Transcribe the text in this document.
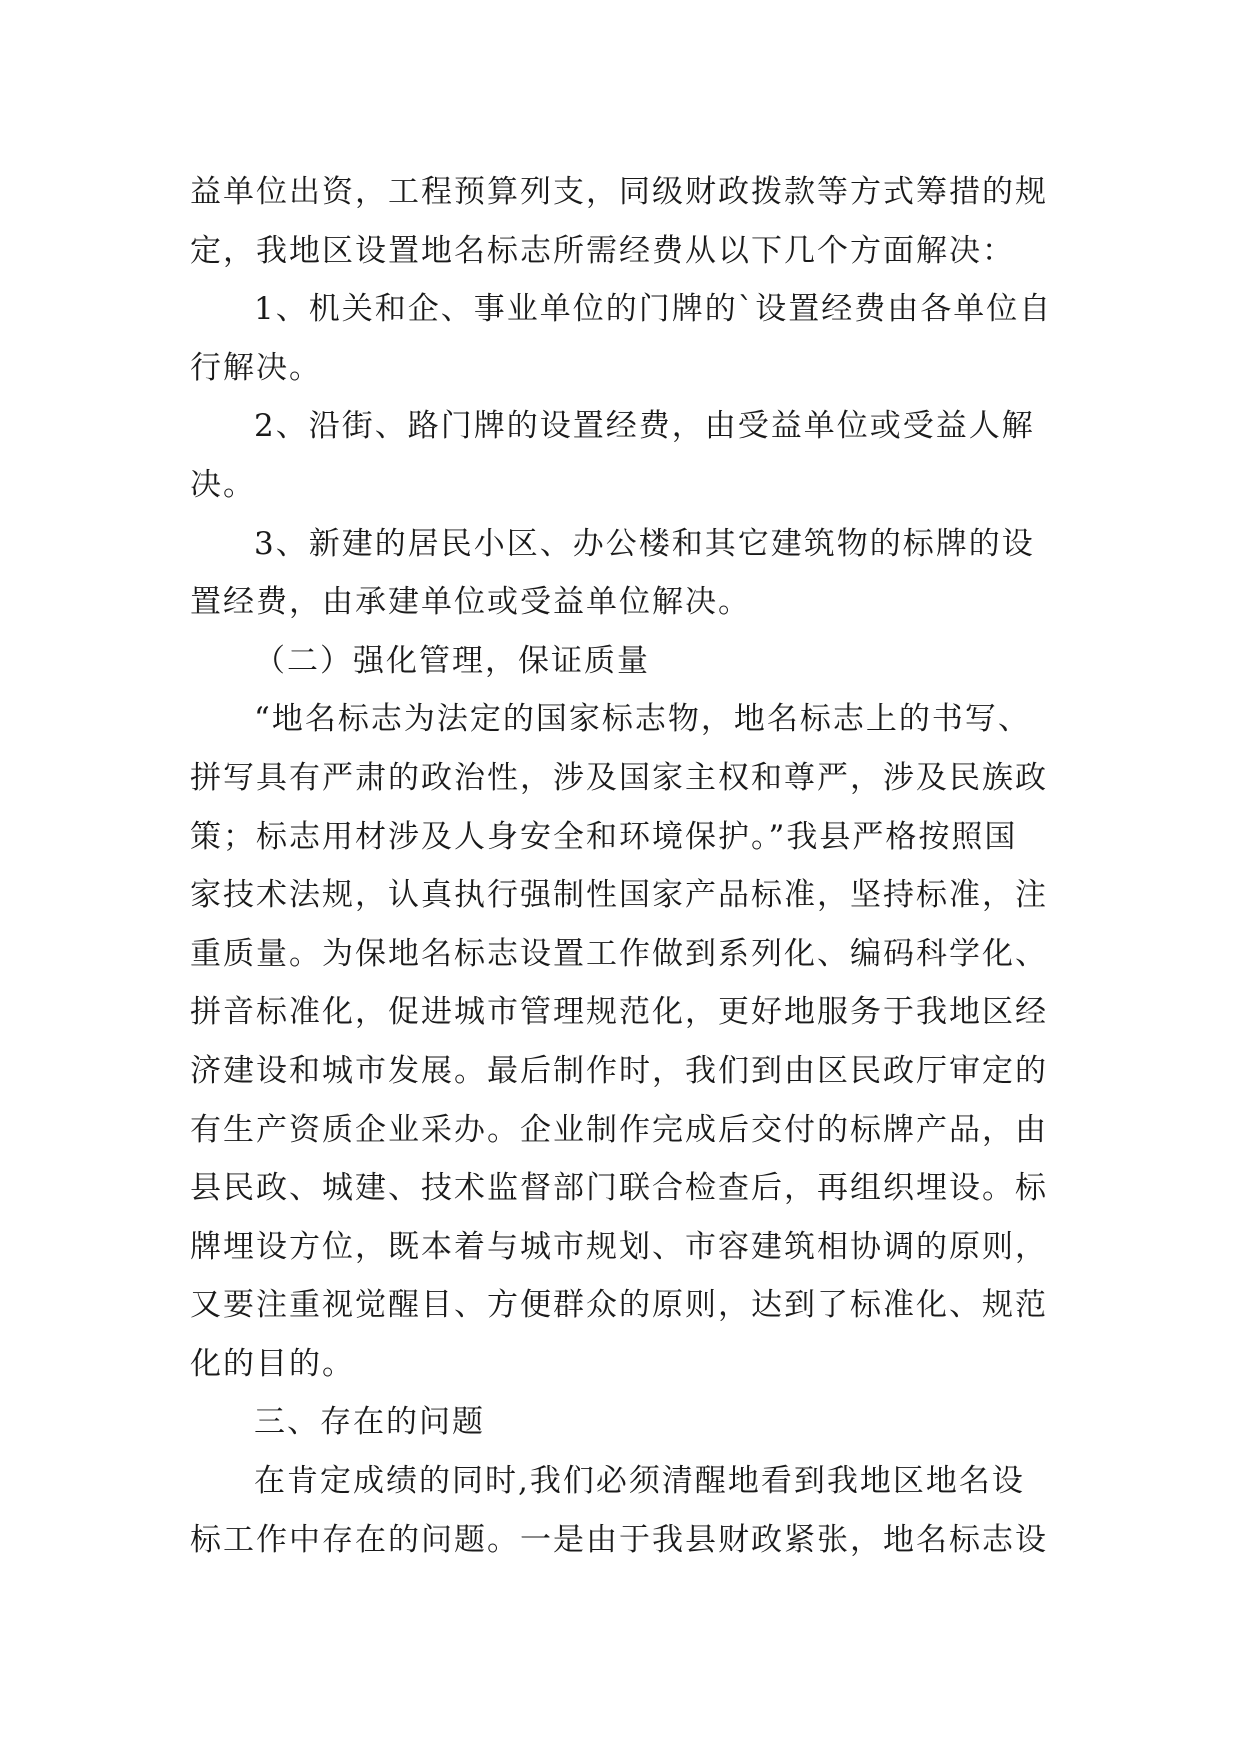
益单位出资，工程预算列支，同级财政拨款等方式筹措的规
定，我地区设置地名标志所需经费从以下几个方面解决：
1、机关和企、事业单位的门牌的`设置经费由各单位自
行解决。
2、沿街、路门牌的设置经费，由受益单位或受益人解
决。
3、新建的居民小区、办公楼和其它建筑物的标牌的设
置经费，由承建单位或受益单位解决。
（二）强化管理，保证质量
“地名标志为法定的国家标志物，地名标志上的书写、
拼写具有严肃的政治性，涉及国家主权和尊严，涉及民族政
策；标志用材涉及人身安全和环境保护。”我县严格按照国
家技术法规，认真执行强制性国家产品标准，坚持标准，注
重质量。为保地名标志设置工作做到系列化、编码科学化、
拼音标准化，促进城市管理规范化，更好地服务于我地区经
济建设和城市发展。最后制作时，我们到由区民政厅审定的
有生产资质企业采办。企业制作完成后交付的标牌产品，由
县民政、城建、技术监督部门联合检查后，再组织埋设。标
牌埋设方位，既本着与城市规划、市容建筑相协调的原则，
又要注重视觉醒目、方便群众的原则，达到了标准化、规范
化的目的。
三、存在的问题
在肯定成绩的同时,我们必须清醒地看到我地区地名设
标工作中存在的问题。一是由于我县财政紧张，地名标志设
